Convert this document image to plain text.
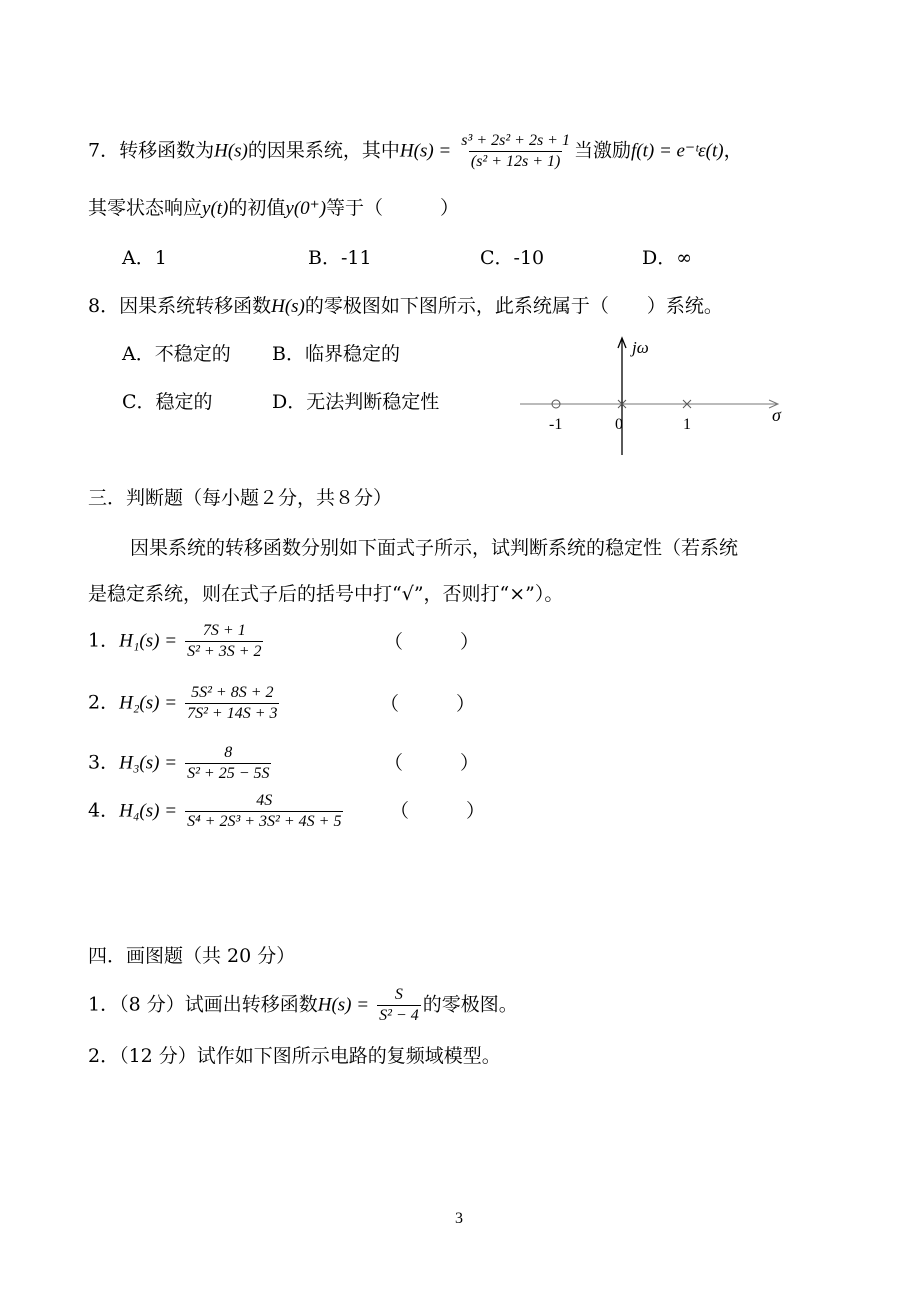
7．转移函数为H(s)的因果系统，其中$H(s) = \frac{\text{s³ + 2s² + 2s + 1}}{\text{(s² + 12s + 1)}}$ 当激励f(t) = e⁻ᵗε(t)，
其零状态响应y(t)的初值y(0⁺)等于（　　　）
A．1	B．-11	C．-10	D．∞
8．因果系统转移函数H(s)的零极图如下图所示，此系统属于（　　）系统。
A．不稳定的 B．临界稳定的
C．稳定的	D．无法判断稳定性
jω
σ
-1	0	1
三．判断题（每小题２分，共８分）
因果系统的转移函数分别如下面式子所示，试判断系统的稳定性（若系统
是稳定系统，则在式子后的括号中打“√”，否则打“×”）。
1．$H_1(s) = \frac{7S + 1}{\text{S² + 3S + 2}}$	（　　　）
2．$H_2(s) = \frac{\text{5S² + 8S + 2}}{\text{7S² + 14S + 3}}$	（　　　）
3．$H_3(s) = \frac{8}{\text{S² + 25 − 5S}}$	（　　　）
4．$H_4(s) = \frac{4S}{\text{S⁴ + 2S³ + 3S² + 4S + 5}}$ （　　　）
四．画图题（共 20 分）
1．（8 分）试画出转移函数$H(s) = \frac{S}{\text{S² − 4}}$ 的零极图。
2．（12 分）试作如下图所示电路的复频域模型。
3
